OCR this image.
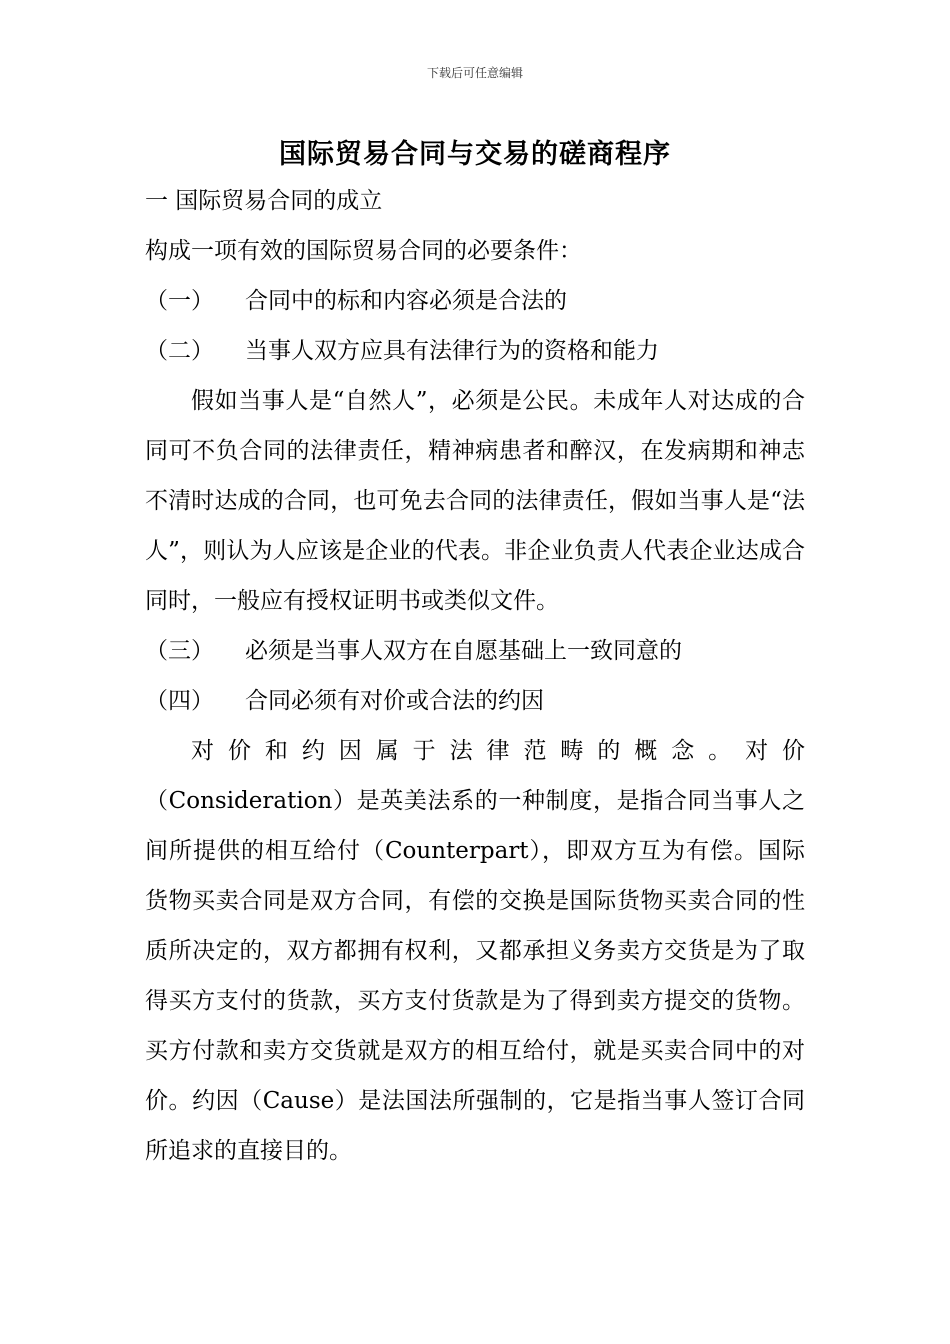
下载后可任意编辑
国际贸易合同与交易的磋商程序
一 国际贸易合同的成立
构成一项有效的国际贸易合同的必要条件：
（一） 合同中的标和内容必须是合法的
（二） 当事人双方应具有法律行为的资格和能力
假如当事人是“自然人”，必须是公民。未成年人对达成的合同可不负合同的法律责任，精神病患者和醉汉，在发病期和神志不清时达成的合同，也可免去合同的法律责任，假如当事人是“法人”，则认为人应该是企业的代表。非企业负责人代表企业达成合同时，一般应有授权证明书或类似文件。
（三） 必须是当事人双方在自愿基础上一致同意的
（四） 合同必须有对价或合法的约因
对价和约因属于法律范畴的概念。对价
（Consideration）是英美法系的一种制度，是指合同当事人之间所提供的相互给付（Counterpart），即双方互为有偿。国际货物买卖合同是双方合同，有偿的交换是国际货物买卖合同的性质所决定的，双方都拥有权利，又都承担义务卖方交货是为了取得买方支付的货款，买方支付货款是为了得到卖方提交的货物。买方付款和卖方交货就是双方的相互给付，就是买卖合同中的对价。约因（Cause）是法国法所强制的，它是指当事人签订合同所追求的直接目的。
